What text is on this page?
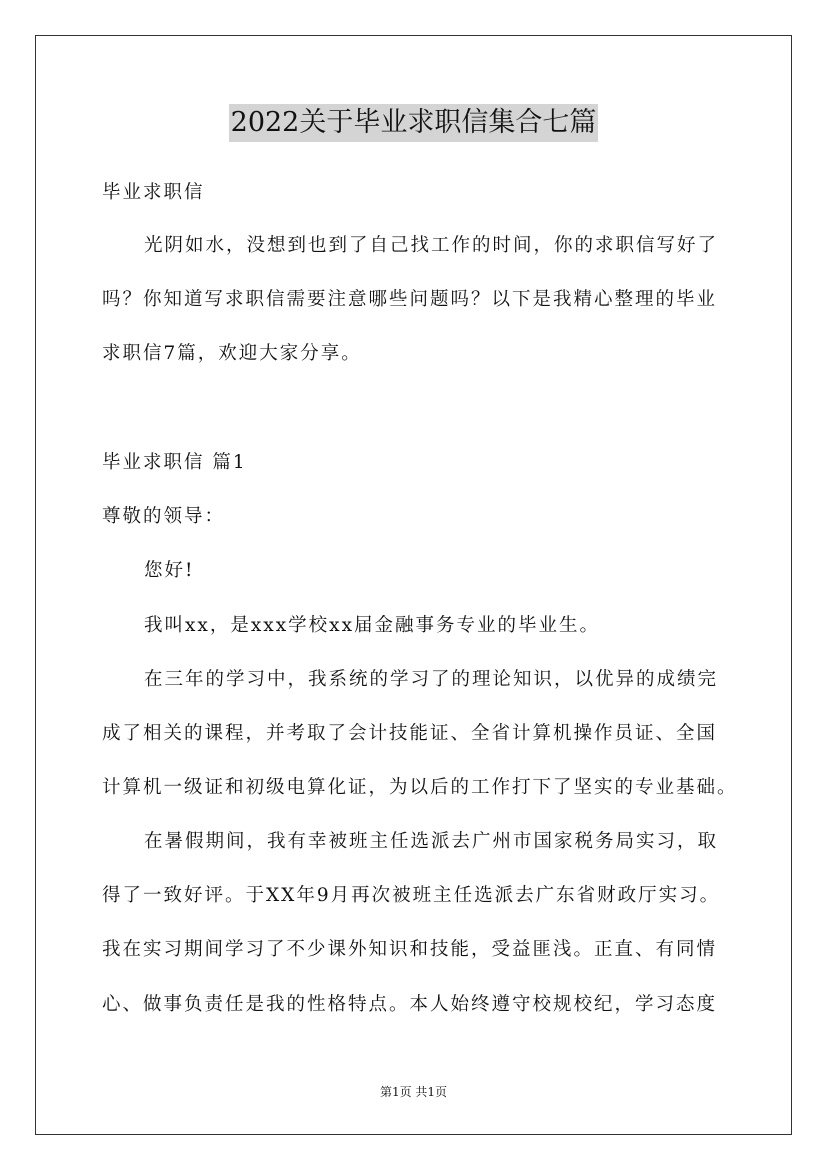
2022关于毕业求职信集合七篇
毕业求职信
光阴如水，没想到也到了自己找工作的时间，你的求职信写好了
吗？你知道写求职信需要注意哪些问题吗？以下是我精心整理的毕业
求职信7篇，欢迎大家分享。
毕业求职信 篇1
尊敬的领导：
您好!
我叫xx，是xxx学校xx届金融事务专业的毕业生。
在三年的学习中，我系统的学习了的理论知识，以优异的成绩完
成了相关的课程，并考取了会计技能证、全省计算机操作员证、全国
计算机一级证和初级电算化证，为以后的工作打下了坚实的专业基础。
在暑假期间，我有幸被班主任选派去广州市国家税务局实习，取
得了一致好评。于XX年9月再次被班主任选派去广东省财政厅实习。
我在实习期间学习了不少课外知识和技能，受益匪浅。正直、有同情
心、做事负责任是我的性格特点。本人始终遵守校规校纪，学习态度
第1页 共1页
